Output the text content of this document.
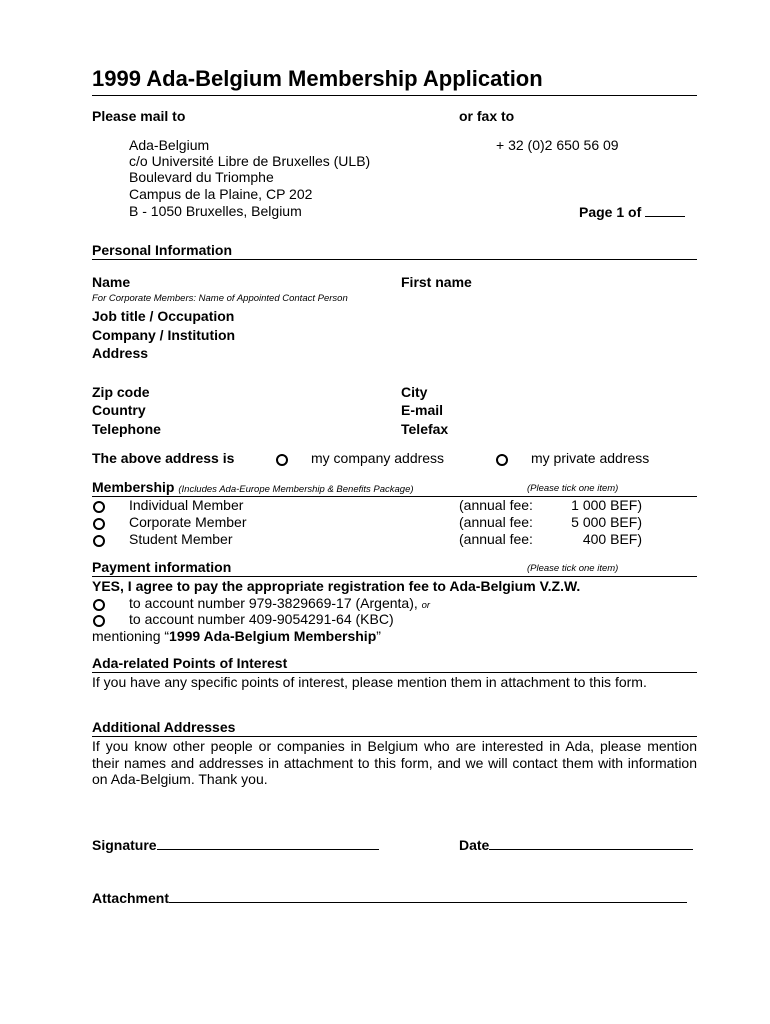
1999 Ada-Belgium Membership Application
Please mail to	or fax to
Ada-Belgium
c/o Université Libre de Bruxelles (ULB)
Boulevard du Triomphe
Campus de la Plaine, CP 202
B - 1050 Bruxelles, Belgium
+ 32 (0)2 650 56 09
Page 1 of
Personal Information
Name	First name
For Corporate Members: Name of Appointed Contact Person
Job title / Occupation
Company / Institution
Address
Zip code	City
Country	E-mail
Telephone	Telefax
The above address is	my company address	my private address
Membership (Includes Ada-Europe Membership & Benefits Package)	(Please tick one item)
Individual Member	(annual fee:	1 000 BEF)
Corporate Member	(annual fee:	5 000 BEF)
Student Member	(annual fee:	400 BEF)
Payment information	(Please tick one item)
YES, I agree to pay the appropriate registration fee to Ada-Belgium V.Z.W.
to account number 979-3829669-17 (Argenta), or
to account number 409-9054291-64 (KBC)
mentioning “1999 Ada-Belgium Membership”
Ada-related Points of Interest
If you have any specific points of interest, please mention them in attachment to this form.
Additional Addresses
If you know other people or companies in Belgium who are interested in Ada, please mention their names and addresses in attachment to this form, and we will contact them with information on Ada-Belgium. Thank you.
Signature	Date
Attachment
